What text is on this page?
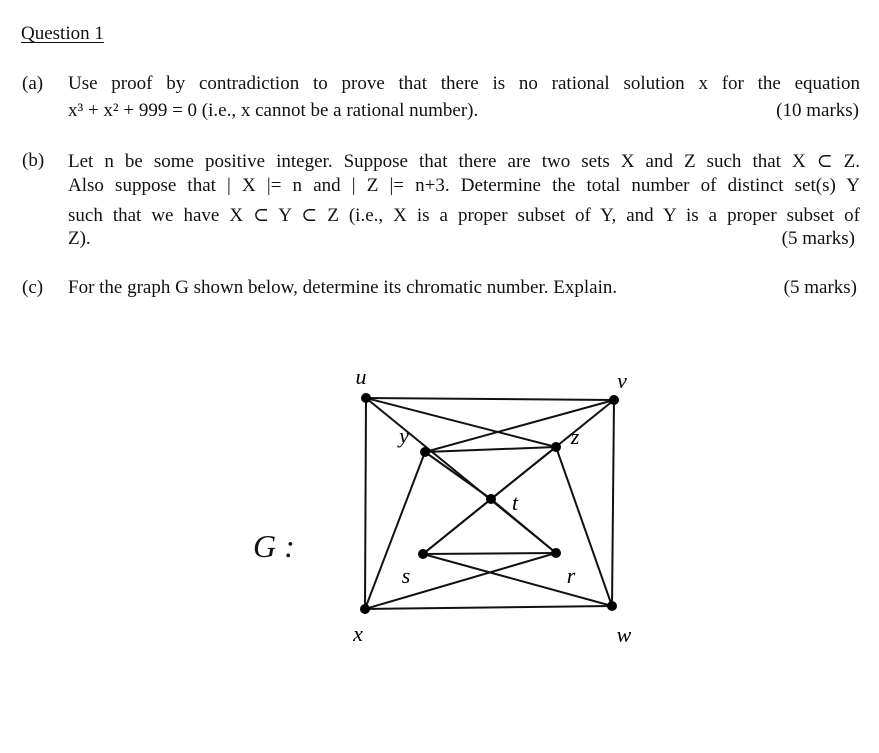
Question 1
(a) Use proof by contradiction to prove that there is no rational solution x for the equation
x³ + x² + 999 = 0 (i.e., x cannot be a rational number).	(10 marks)
(b) Let n be some positive integer. Suppose that there are two sets X and Z such that X ⊂ Z.
Also suppose that | X |= n and | Z |= n+3. Determine the total number of distinct set(s) Y
such that we have X ⊂ Y ⊂ Z (i.e., X is a proper subset of Y, and Y is a proper subset of
Z).	(5 marks)
(c) For the graph G shown below, determine its chromatic number. Explain.	(5 marks)
u	v
w
x
y	z
t
s	r
G :
